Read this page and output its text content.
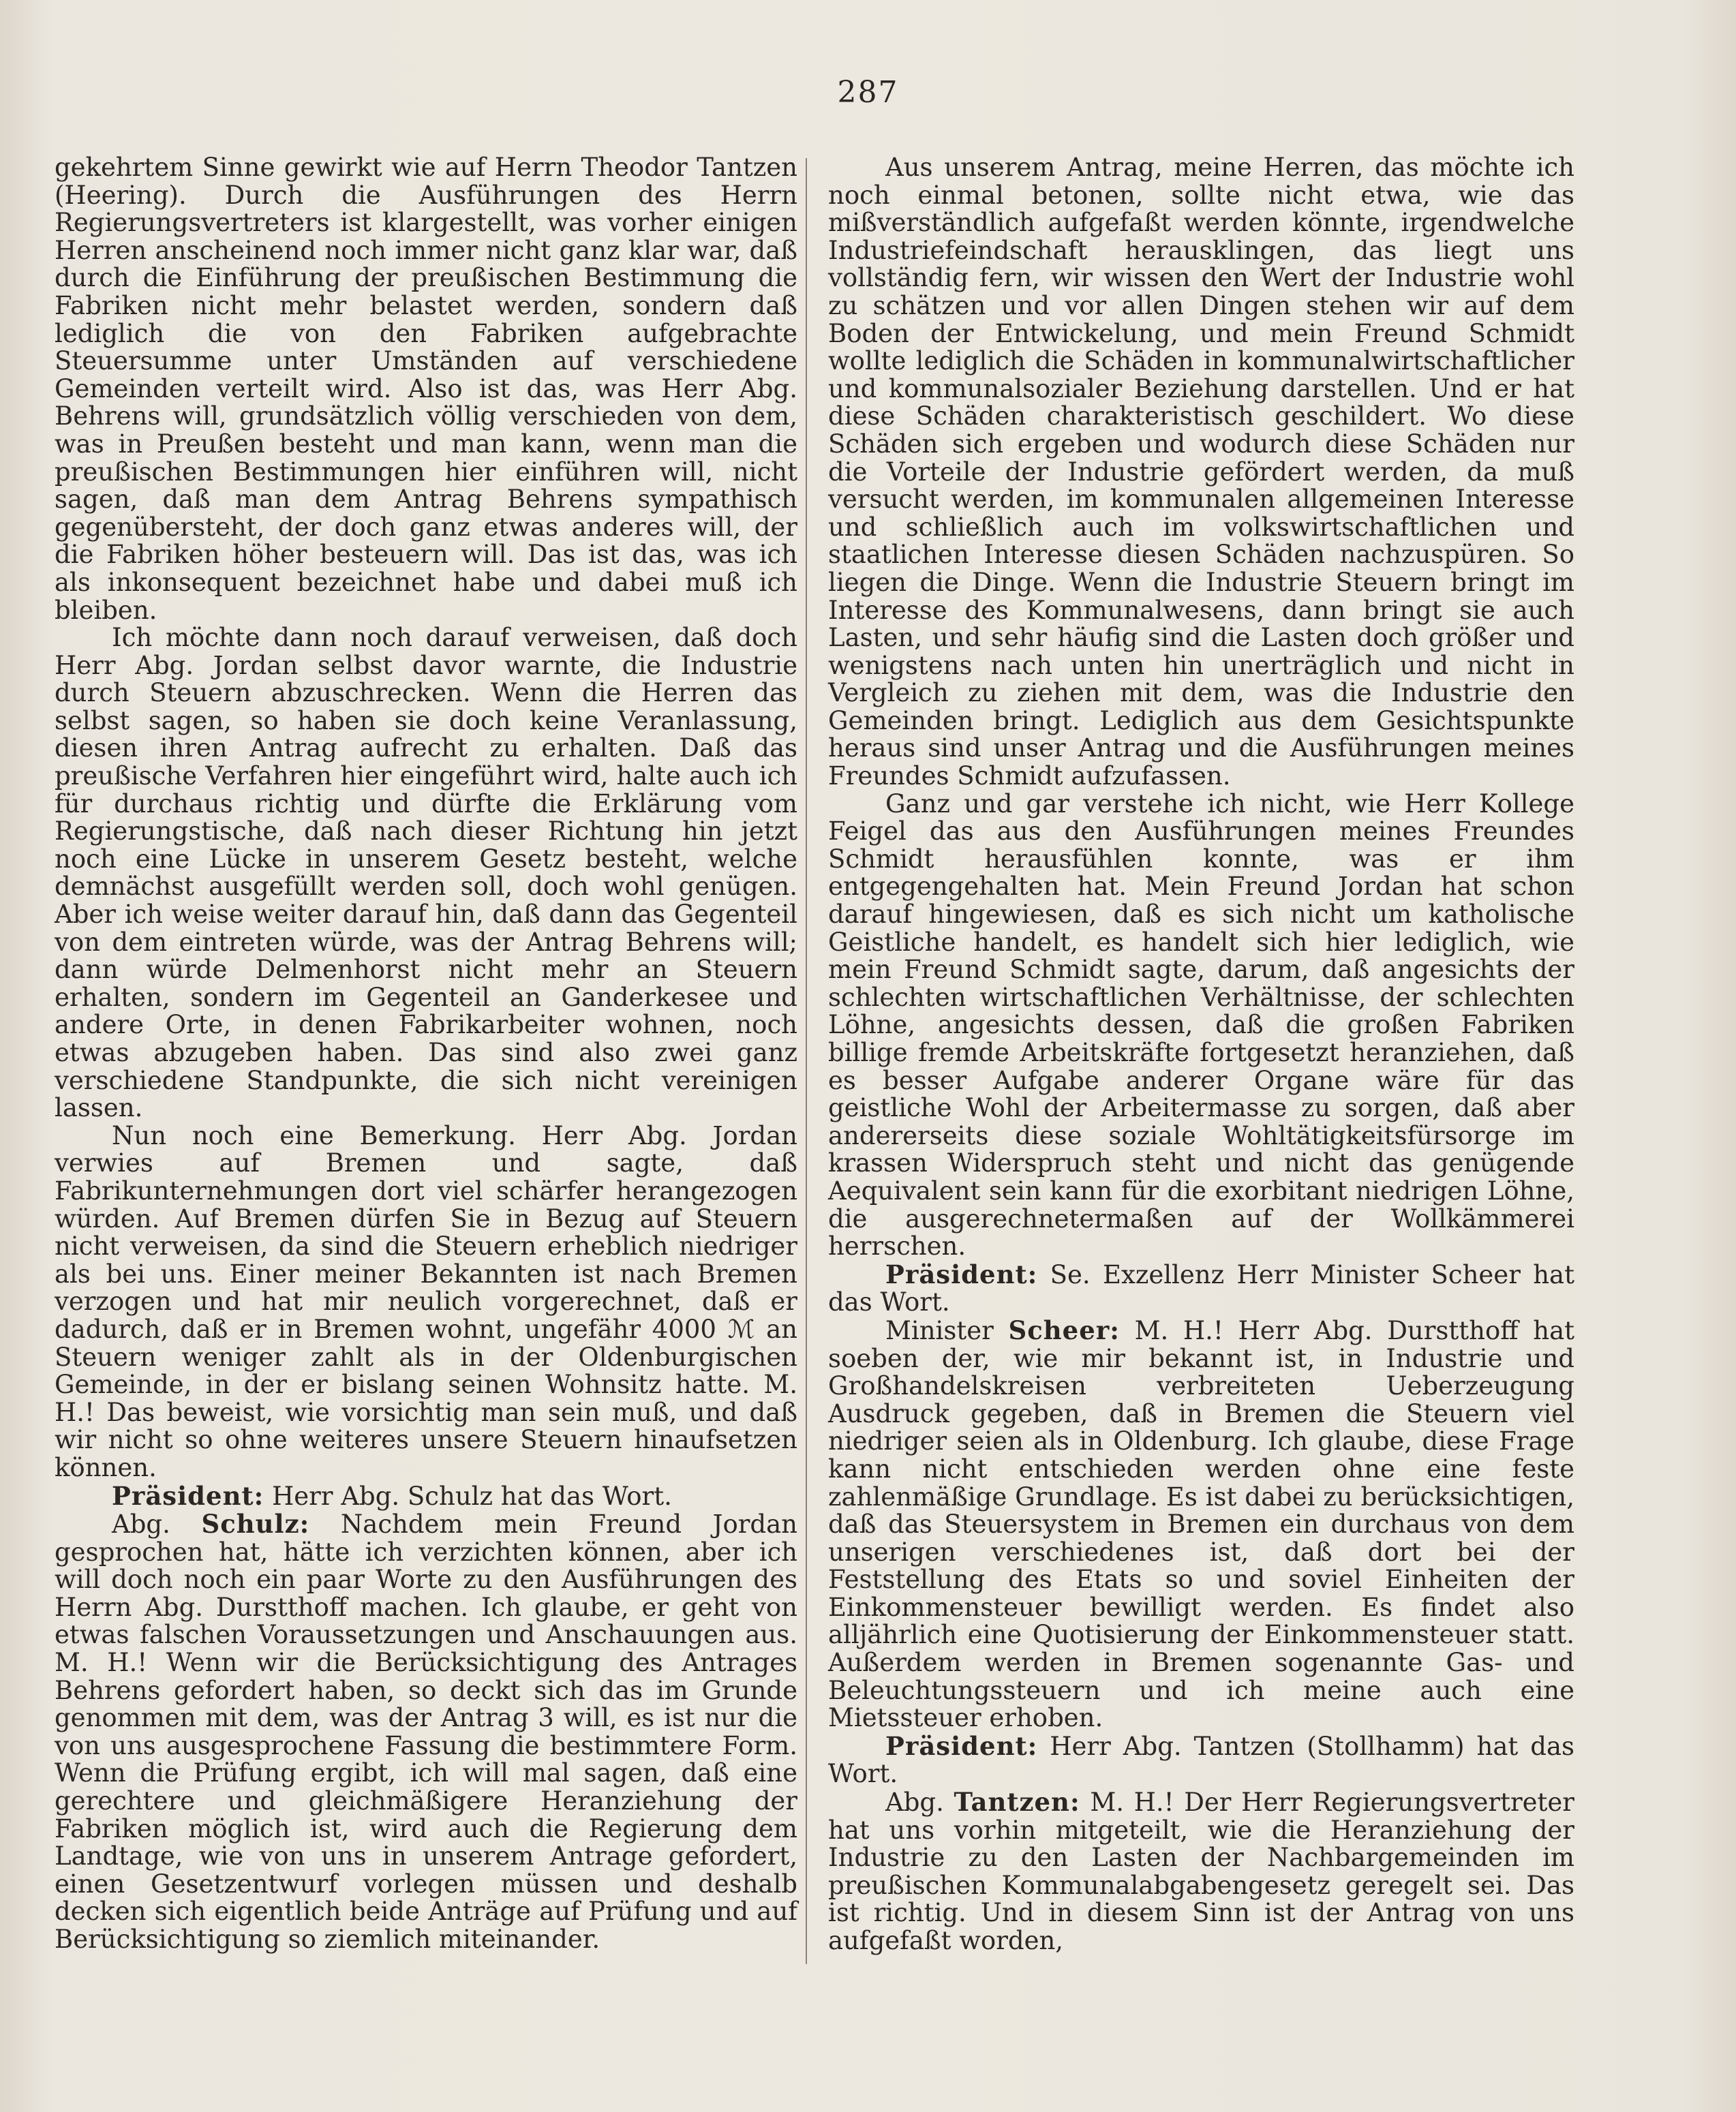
287

gekehrtem Sinne gewirkt wie auf Herrn Theodor Tantzen (Heering). Durch die Ausführungen des Herrn Regierungsvertreters ist klargestellt, was vorher einigen Herren anscheinend noch immer nicht ganz klar war, daß durch die Einführung der preußischen Bestimmung die Fabriken nicht mehr belastet werden, sondern daß lediglich die von den Fabriken aufgebrachte Steuersumme unter Umständen auf verschiedene Gemeinden verteilt wird. Also ist das, was Herr Abg. Behrens will, grundsätzlich völlig verschieden von dem, was in Preußen besteht und man kann, wenn man die preußischen Bestimmungen hier einführen will, nicht sagen, daß man dem Antrag Behrens sympathisch gegenübersteht, der doch ganz etwas anderes will, der die Fabriken höher besteuern will. Das ist das, was ich als inkonsequent bezeichnet habe und dabei muß ich bleiben.

Ich möchte dann noch darauf verweisen, daß doch Herr Abg. Jordan selbst davor warnte, die Industrie durch Steuern abzuschrecken. Wenn die Herren das selbst sagen, so haben sie doch keine Veranlassung, diesen ihren Antrag aufrecht zu erhalten. Daß das preußische Verfahren hier eingeführt wird, halte auch ich für durchaus richtig und dürfte die Erklärung vom Regierungstische, daß nach dieser Richtung hin jetzt noch eine Lücke in unserem Gesetz besteht, welche demnächst ausgefüllt werden soll, doch wohl genügen. Aber ich weise weiter darauf hin, daß dann das Gegenteil von dem eintreten würde, was der Antrag Behrens will; dann würde Delmenhorst nicht mehr an Steuern erhalten, sondern im Gegenteil an Ganderkesee und andere Orte, in denen Fabrikarbeiter wohnen, noch etwas abzugeben haben. Das sind also zwei ganz verschiedene Standpunkte, die sich nicht vereinigen lassen.

Nun noch eine Bemerkung. Herr Abg. Jordan verwies auf Bremen und sagte, daß Fabrikunternehmungen dort viel schärfer herangezogen würden. Auf Bremen dürfen Sie in Bezug auf Steuern nicht verweisen, da sind die Steuern erheblich niedriger als bei uns. Einer meiner Bekannten ist nach Bremen verzogen und hat mir neulich vorgerechnet, daß er dadurch, daß er in Bremen wohnt, ungefähr 4000 ℳ an Steuern weniger zahlt als in der Oldenburgischen Gemeinde, in der er bislang seinen Wohnsitz hatte. M. H.! Das beweist, wie vorsichtig man sein muß, und daß wir nicht so ohne weiteres unsere Steuern hinaufsetzen können.

Präsident: Herr Abg. Schulz hat das Wort.

Abg. Schulz: Nachdem mein Freund Jordan gesprochen hat, hätte ich verzichten können, aber ich will doch noch ein paar Worte zu den Ausführungen des Herrn Abg. Durstthoff machen. Ich glaube, er geht von etwas falschen Voraussetzungen und Anschauungen aus. M. H.! Wenn wir die Berücksichtigung des Antrages Behrens gefordert haben, so deckt sich das im Grunde genommen mit dem, was der Antrag 3 will, es ist nur die von uns ausgesprochene Fassung die bestimmtere Form. Wenn die Prüfung ergibt, ich will mal sagen, daß eine gerechtere und gleichmäßigere Heranziehung der Fabriken möglich ist, wird auch die Regierung dem Landtage, wie von uns in unserem Antrage gefordert, einen Gesetzentwurf vorlegen müssen und deshalb decken sich eigentlich beide Anträge auf Prüfung und auf Berücksichtigung so ziemlich miteinander.

Aus unserem Antrag, meine Herren, das möchte ich noch einmal betonen, sollte nicht etwa, wie das mißverständlich aufgefaßt werden könnte, irgendwelche Industriefeindschaft herausklingen, das liegt uns vollständig fern, wir wissen den Wert der Industrie wohl zu schätzen und vor allen Dingen stehen wir auf dem Boden der Entwickelung, und mein Freund Schmidt wollte lediglich die Schäden in kommunalwirtschaftlicher und kommunalsozialer Beziehung darstellen. Und er hat diese Schäden charakteristisch geschildert. Wo diese Schäden sich ergeben und wodurch diese Schäden nur die Vorteile der Industrie gefördert werden, da muß versucht werden, im kommunalen allgemeinen Interesse und schließlich auch im volkswirtschaftlichen und staatlichen Interesse diesen Schäden nachzuspüren. So liegen die Dinge. Wenn die Industrie Steuern bringt im Interesse des Kommunalwesens, dann bringt sie auch Lasten, und sehr häufig sind die Lasten doch größer und wenigstens nach unten hin unerträglich und nicht in Vergleich zu ziehen mit dem, was die Industrie den Gemeinden bringt. Lediglich aus dem Gesichtspunkte heraus sind unser Antrag und die Ausführungen meines Freundes Schmidt aufzufassen.

Ganz und gar verstehe ich nicht, wie Herr Kollege Feigel das aus den Ausführungen meines Freundes Schmidt herausfühlen konnte, was er ihm entgegengehalten hat. Mein Freund Jordan hat schon darauf hingewiesen, daß es sich nicht um katholische Geistliche handelt, es handelt sich hier lediglich, wie mein Freund Schmidt sagte, darum, daß angesichts der schlechten wirtschaftlichen Verhältnisse, der schlechten Löhne, angesichts dessen, daß die großen Fabriken billige fremde Arbeitskräfte fortgesetzt heranziehen, daß es besser Aufgabe anderer Organe wäre für das geistliche Wohl der Arbeitermasse zu sorgen, daß aber andererseits diese soziale Wohltätigkeitsfürsorge im krassen Widerspruch steht und nicht das genügende Aequivalent sein kann für die exorbitant niedrigen Löhne, die ausgerechnetermaßen auf der Wollkämmerei herrschen.

Präsident: Se. Exzellenz Herr Minister Scheer hat das Wort.

Minister Scheer: M. H.! Herr Abg. Durstthoff hat soeben der, wie mir bekannt ist, in Industrie und Großhandelskreisen verbreiteten Ueberzeugung Ausdruck gegeben, daß in Bremen die Steuern viel niedriger seien als in Oldenburg. Ich glaube, diese Frage kann nicht entschieden werden ohne eine feste zahlenmäßige Grundlage. Es ist dabei zu berücksichtigen, daß das Steuersystem in Bremen ein durchaus von dem unserigen verschiedenes ist, daß dort bei der Feststellung des Etats so und soviel Einheiten der Einkommensteuer bewilligt werden. Es findet also alljährlich eine Quotisierung der Einkommensteuer statt. Außerdem werden in Bremen sogenannte Gas- und Beleuchtungssteuern und ich meine auch eine Mietssteuer erhoben.

Präsident: Herr Abg. Tantzen (Stollhamm) hat das Wort.

Abg. Tantzen: M. H.! Der Herr Regierungsvertreter hat uns vorhin mitgeteilt, wie die Heranziehung der Industrie zu den Lasten der Nachbargemeinden im preußischen Kommunalabgabengesetz geregelt sei. Das ist richtig. Und in diesem Sinn ist der Antrag von uns aufgefaßt worden,
